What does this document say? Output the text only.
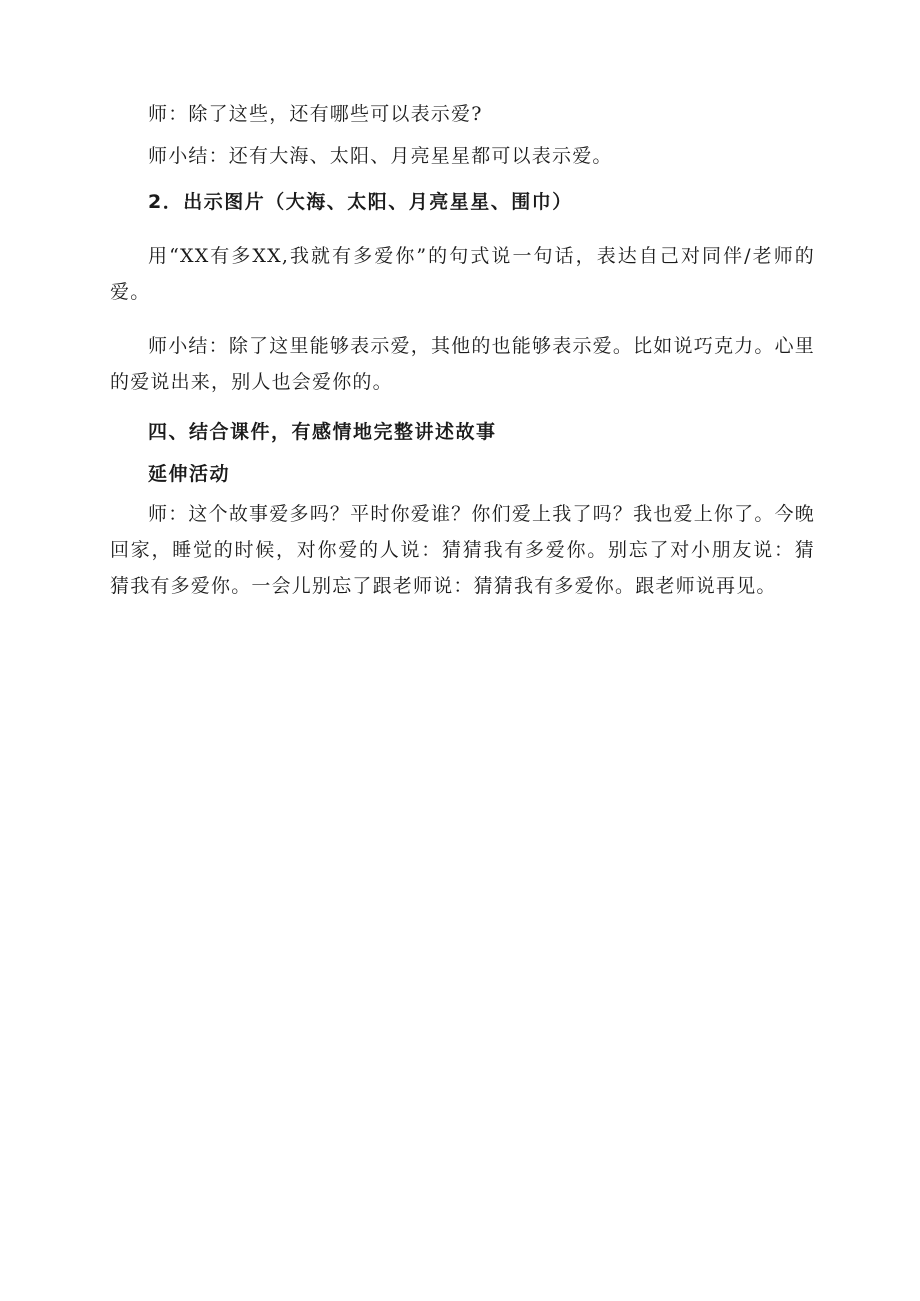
师：除了这些，还有哪些可以表示爱?

师小结：还有大海、太阳、月亮星星都可以表示爱。

2．出示图片（大海、太阳、月亮星星、围巾）

用“XX有多XX,我就有多爱你”的句式说一句话，表达自己对同伴/老师的爱。

师小结：除了这里能够表示爱，其他的也能够表示爱。比如说巧克力。心里的爱说出来，别人也会爱你的。

四、结合课件，有感情地完整讲述故事

延伸活动

师：这个故事爱多吗？平时你爱谁？你们爱上我了吗？我也爱上你了。今晚回家，睡觉的时候，对你爱的人说：猜猜我有多爱你。别忘了对小朋友说：猜猜我有多爱你。一会儿别忘了跟老师说：猜猜我有多爱你。跟老师说再见。
